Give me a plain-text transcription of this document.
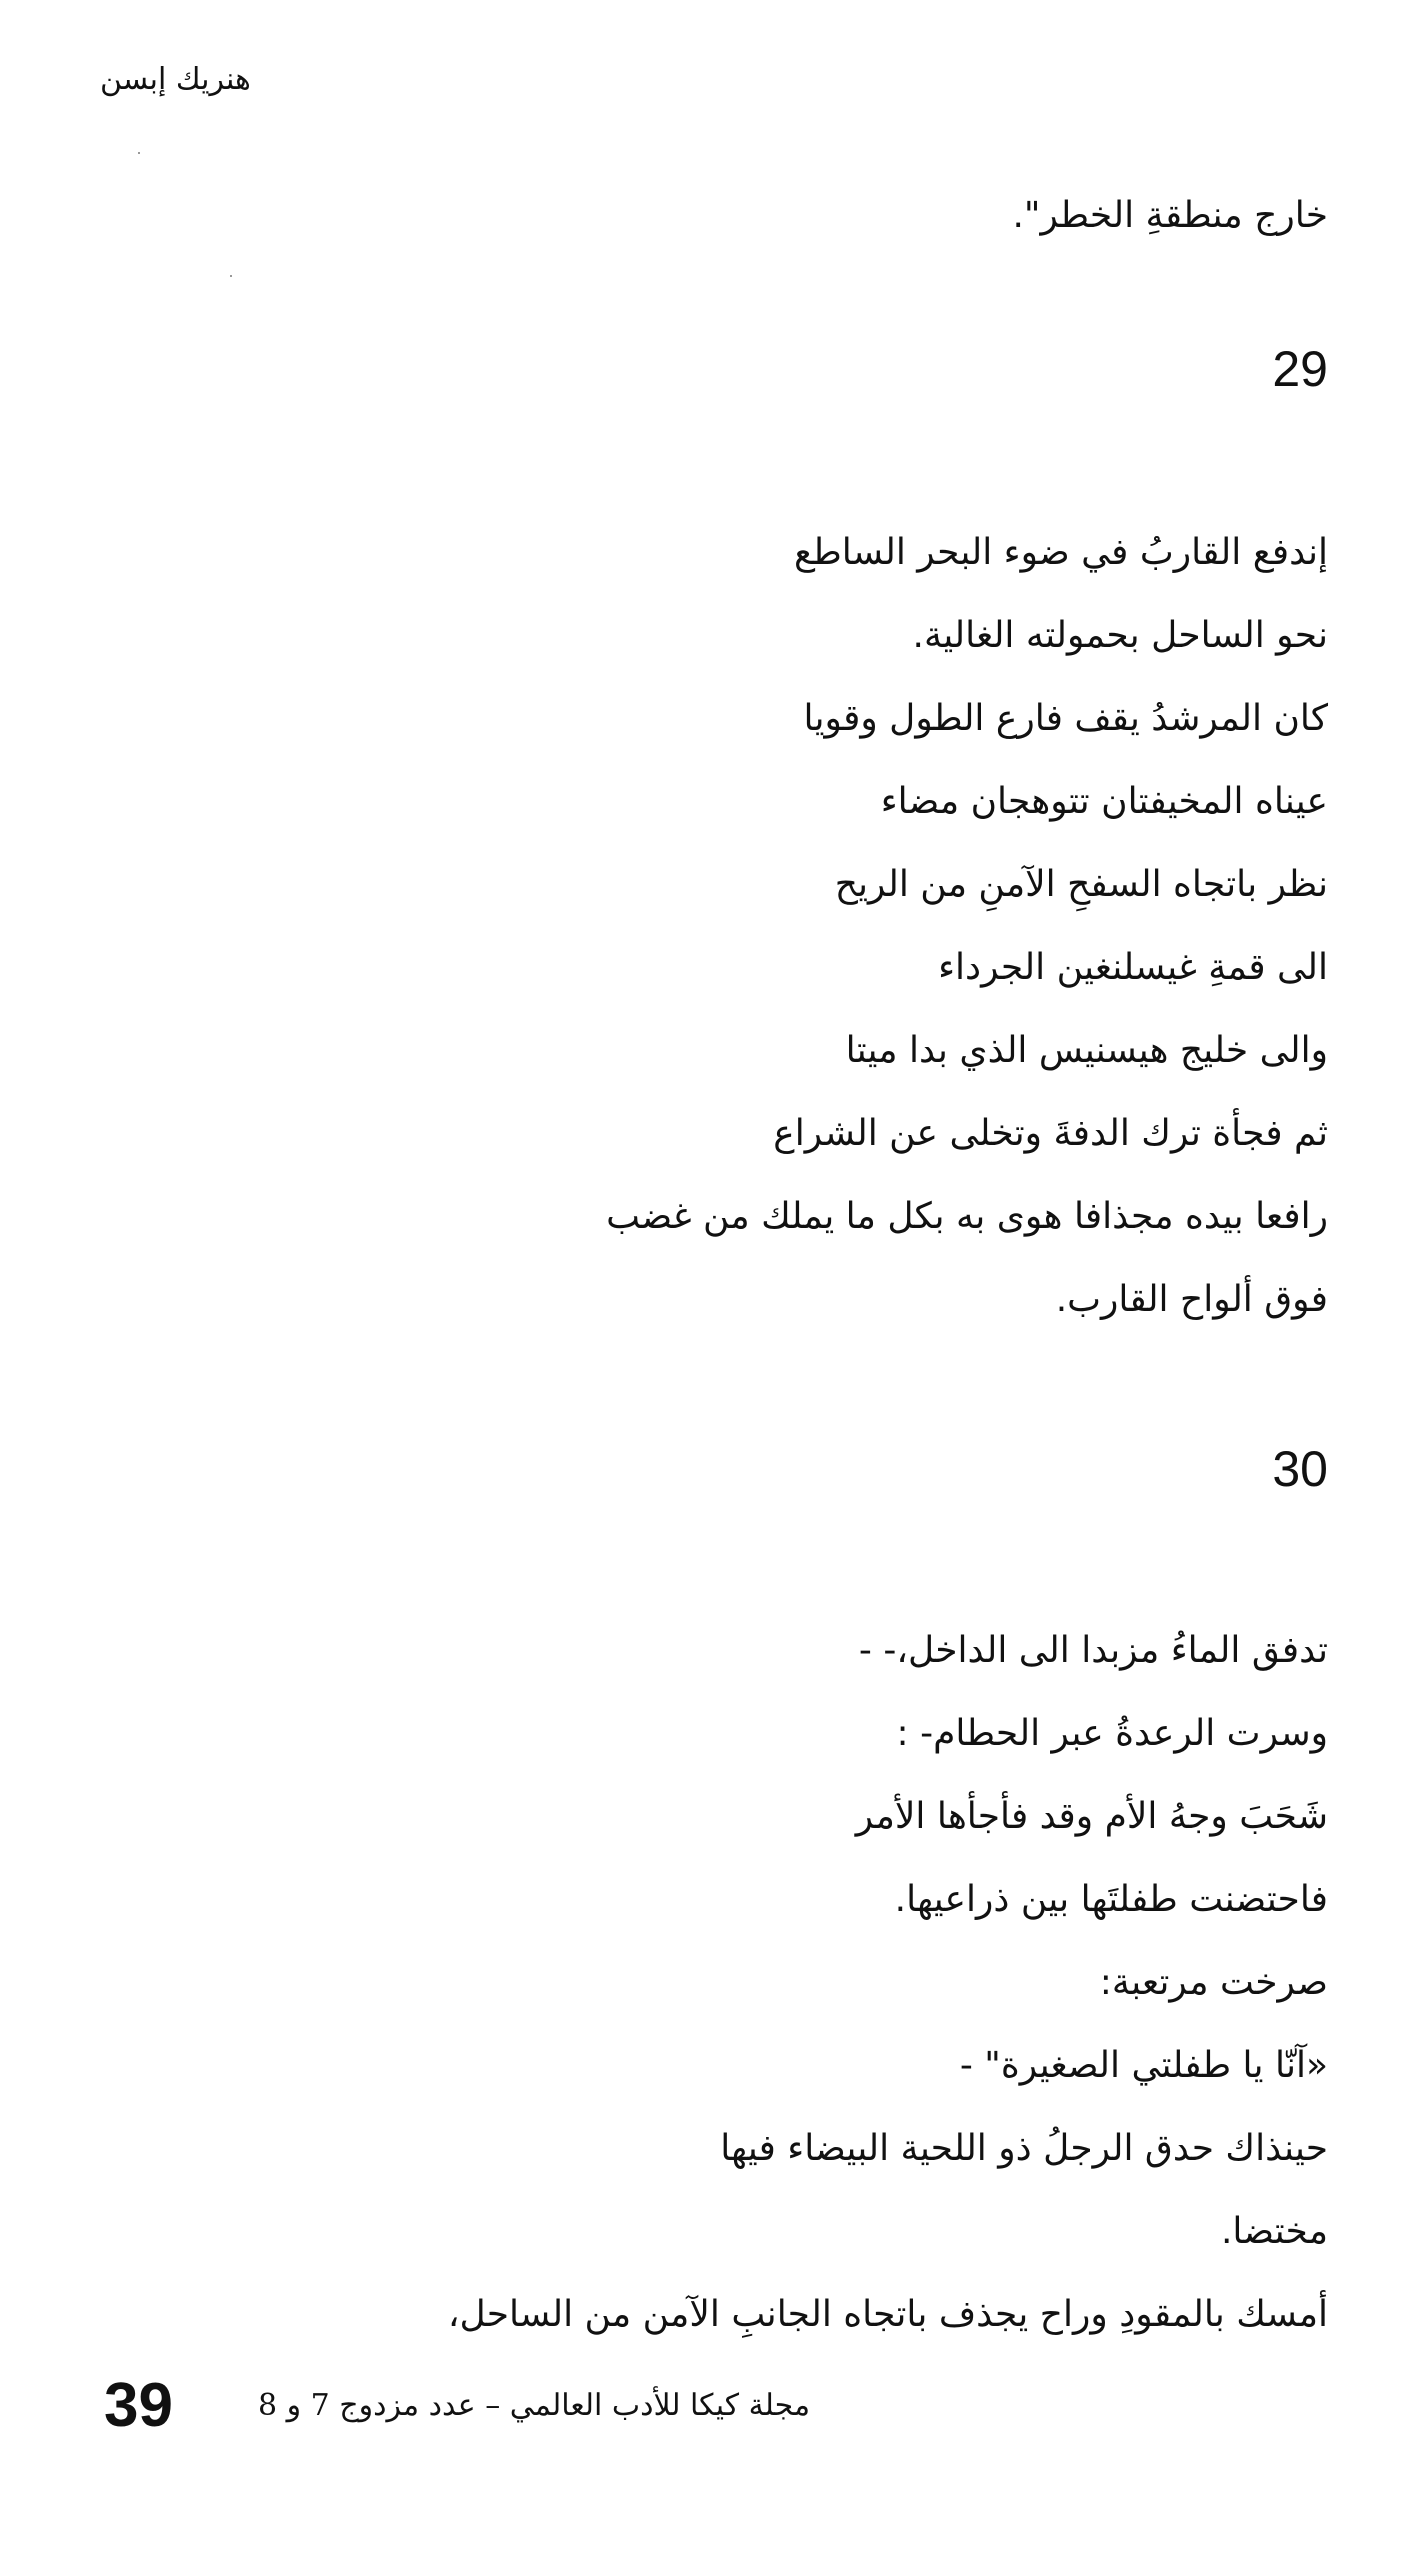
هنريك إبسن
خارج منطقةِ الخطر".
29
إندفع القاربُ في ضوء البحر الساطع
نحو الساحل بحمولته الغالية.
كان المرشدُ يقف فارع الطول وقويا
عيناه المخيفتان تتوهجان مضاء
نظر باتجاه السفحِ الآمنِ من الريح
الى قمةِ غيسلنغين الجرداء
والى خليج هيسنيس الذي بدا ميتا
ثم فجأة ترك الدفةَ وتخلى عن الشراع
رافعا بيده مجذافا هوى به بكل ما يملك من غضب
فوق ألواح القارب.
30
تدفق الماءُ مزبدا الى الداخل،- -
وسرت الرعدةُ عبر الحطام- :
شَحَبَ وجهُ الأم وقد فأجأها الأمر
فاحتضنت طفلتَها بين ذراعيها.
صرخت مرتعبة:
«آنّا يا طفلتي الصغيرة" -
حينذاك حدق الرجلُ ذو اللحية البيضاء فيها
مختضا.
أمسك بالمقودِ وراح يجذف باتجاه الجانبِ الآمن من الساحل،
39	مجلة كيكا للأدب العالمي – عدد مزدوج 7 و 8
